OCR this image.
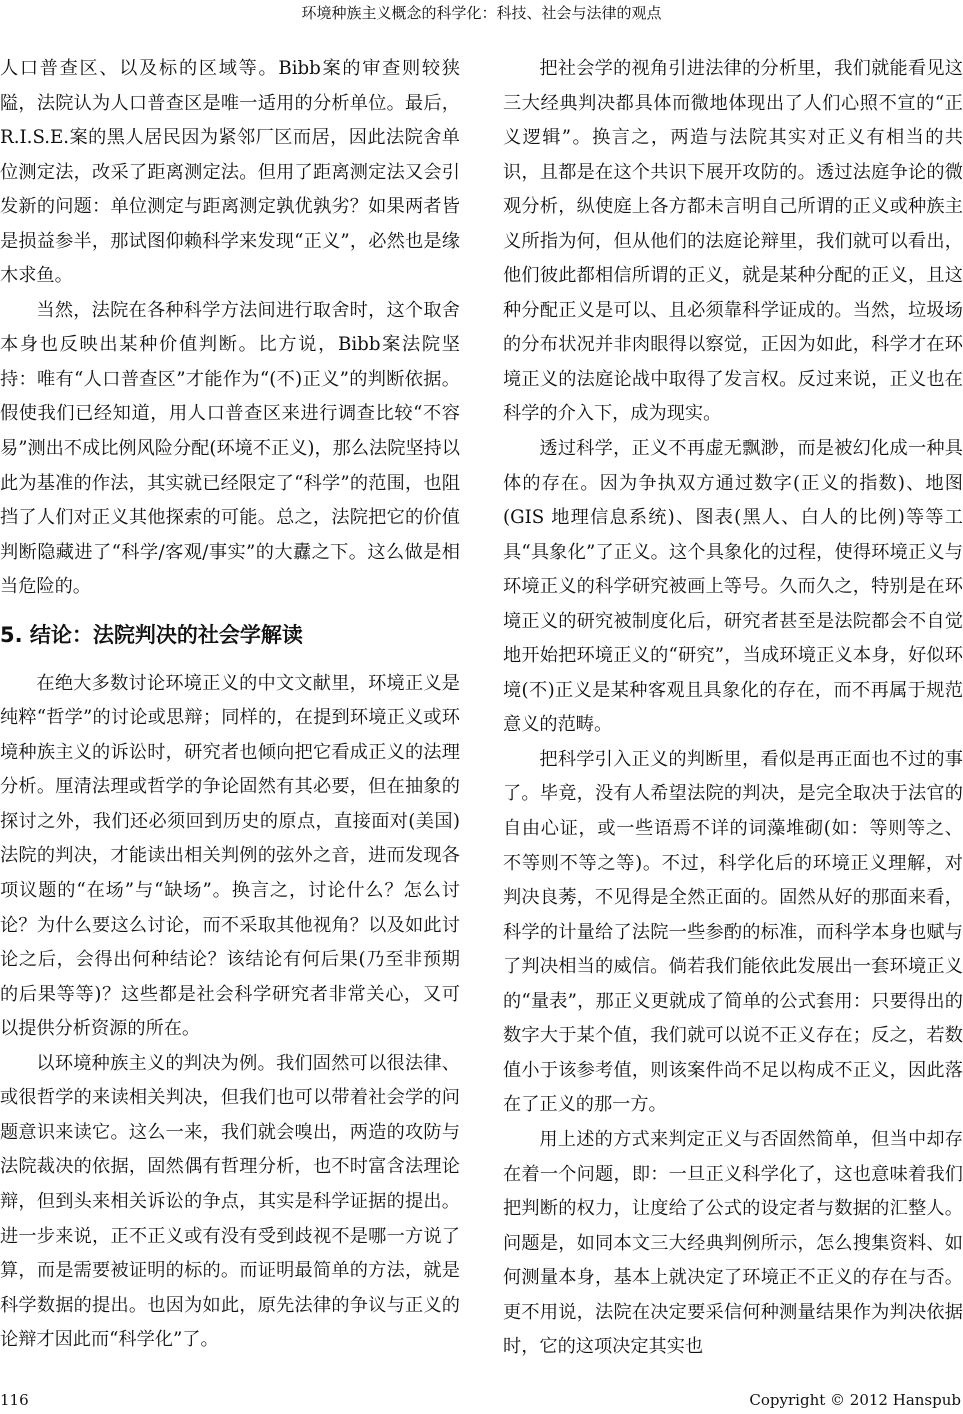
环境种族主义概念的科学化：科技、社会与法律的观点

人口普查区、以及标的区域等。Bibb案的审查则较狭隘，法院认为人口普查区是唯一适用的分析单位。最后，R.I.S.E.案的黑人居民因为紧邻厂区而居，因此法院舍单位测定法，改采了距离测定法。但用了距离测定法又会引发新的问题：单位测定与距离测定孰优孰劣？如果两者皆是损益参半，那试图仰赖科学来发现“正义”，必然也是缘木求鱼。

当然，法院在各种科学方法间进行取舍时，这个取舍本身也反映出某种价值判断。比方说，Bibb案法院坚持：唯有“人口普查区”才能作为“(不)正义”的判断依据。假使我们已经知道，用人口普查区来进行调查比较“不容易”测出不成比例风险分配(环境不正义)，那么法院坚持以此为基准的作法，其实就已经限定了“科学”的范围，也阻挡了人们对正义其他探索的可能。总之，法院把它的价值判断隐藏进了“科学/客观/事实”的大纛之下。这么做是相当危险的。

5. 结论：法院判决的社会学解读

在绝大多数讨论环境正义的中文文献里，环境正义是纯粹“哲学”的讨论或思辩；同样的，在提到环境正义或环境种族主义的诉讼时，研究者也倾向把它看成正义的法理分析。厘清法理或哲学的争论固然有其必要，但在抽象的探讨之外，我们还必须回到历史的原点，直接面对(美国)法院的判决，才能读出相关判例的弦外之音，进而发现各项议题的“在场”与“缺场”。换言之，讨论什么？怎么讨论？为什么要这么讨论，而不采取其他视角？以及如此讨论之后，会得出何种结论？该结论有何后果(乃至非预期的后果等等)？这些都是社会科学研究者非常关心，又可以提供分析资源的所在。

以环境种族主义的判决为例。我们固然可以很法律、或很哲学的来读相关判决，但我们也可以带着社会学的问题意识来读它。这么一来，我们就会嗅出，两造的攻防与法院裁决的依据，固然偶有哲理分析，也不时富含法理论辩，但到头来相关诉讼的争点，其实是科学证据的提出。进一步来说，正不正义或有没有受到歧视不是哪一方说了算，而是需要被证明的标的。而证明最简单的方法，就是科学数据的提出。也因为如此，原先法律的争议与正义的论辩才因此而“科学化”了。

把社会学的视角引进法律的分析里，我们就能看见这三大经典判决都具体而微地体现出了人们心照不宣的“正义逻辑”。换言之，两造与法院其实对正义有相当的共识，且都是在这个共识下展开攻防的。透过法庭争论的微观分析，纵使庭上各方都未言明自己所谓的正义或种族主义所指为何，但从他们的法庭论辩里，我们就可以看出，他们彼此都相信所谓的正义，就是某种分配的正义，且这种分配正义是可以、且必须靠科学证成的。当然，垃圾场的分布状况并非肉眼得以察觉，正因为如此，科学才在环境正义的法庭论战中取得了发言权。反过来说，正义也在科学的介入下，成为现实。

透过科学，正义不再虚无飘渺，而是被幻化成一种具体的存在。因为争执双方通过数字(正义的指数)、地图(GIS 地理信息系统)、图表(黑人、白人的比例)等等工具“具象化”了正义。这个具象化的过程，使得环境正义与环境正义的科学研究被画上等号。久而久之，特别是在环境正义的研究被制度化后，研究者甚至是法院都会不自觉地开始把环境正义的“研究”，当成环境正义本身，好似环境(不)正义是某种客观且具象化的存在，而不再属于规范意义的范畴。

把科学引入正义的判断里，看似是再正面也不过的事了。毕竟，没有人希望法院的判决，是完全取决于法官的自由心证，或一些语焉不详的词藻堆砌(如：等则等之、不等则不等之等)。不过，科学化后的环境正义理解，对判决良莠，不见得是全然正面的。固然从好的那面来看，科学的计量给了法院一些参酌的标准，而科学本身也赋与了判决相当的威信。倘若我们能依此发展出一套环境正义的“量表”，那正义更就成了简单的公式套用：只要得出的数字大于某个值，我们就可以说不正义存在；反之，若数值小于该参考值，则该案件尚不足以构成不正义，因此落在了正义的那一方。

用上述的方式来判定正义与否固然简单，但当中却存在着一个问题，即：一旦正义科学化了，这也意味着我们把判断的权力，让度给了公式的设定者与数据的汇整人。问题是，如同本文三大经典判例所示，怎么搜集资料、如何测量本身，基本上就决定了环境正不正义的存在与否。更不用说，法院在决定要采信何种测量结果作为判决依据时，它的这项决定其实也

116	Copyright © 2012 Hanspub
